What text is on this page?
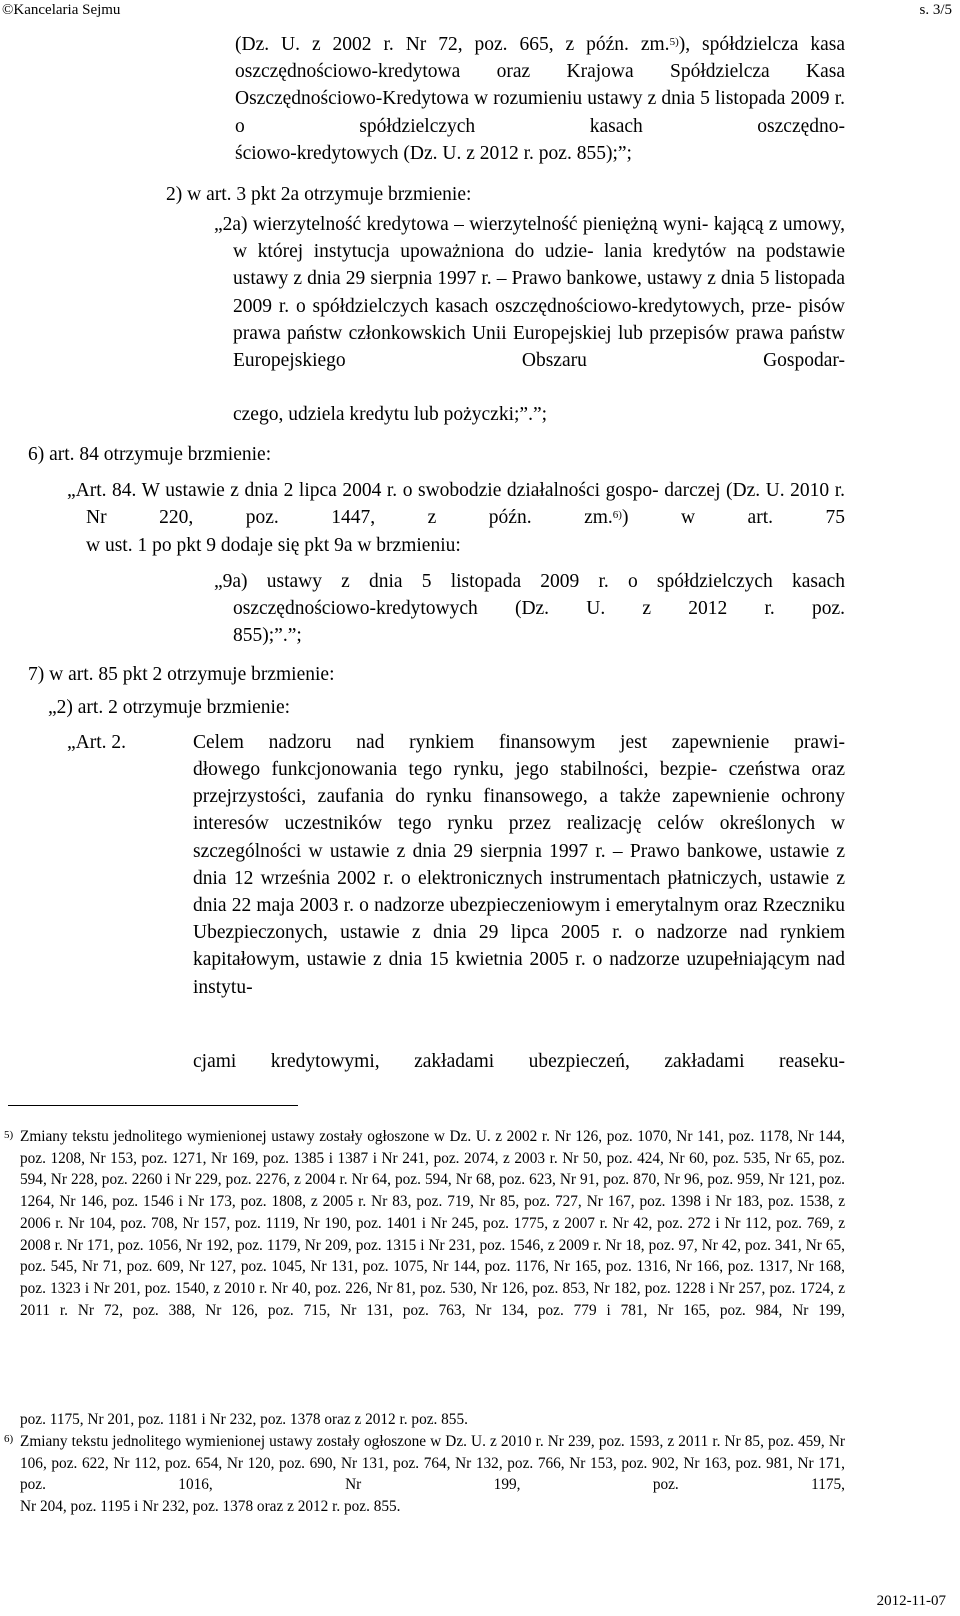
©Kancelaria Sejmu	s. 3/5

(Dz. U. z 2002 r. Nr 72, poz. 665, z późn. zm.$^{5)}$), spółdzielcza kasa oszczędnościowo-kredytowa oraz Krajowa Spółdzielcza Kasa Oszczędnościowo-Kredytowa w rozumieniu ustawy z dnia 5 listopada 2009 r. o spółdzielczych kasach oszczędno-

ściowo-kredytowych (Dz. U. z 2012 r. poz. 855);”;

2) w art. 3 pkt 2a otrzymuje brzmienie:

„2a) wierzytelność kredytowa – wierzytelność pieniężną wyni- kającą z umowy, w której instytucja upoważniona do udzie- lania kredytów na podstawie ustawy z dnia 29 sierpnia 1997 r. – Prawo bankowe, ustawy z dnia 5 listopada 2009 r. o spółdzielczych kasach oszczędnościowo-kredytowych, prze- pisów prawa państw członkowskich Unii Europejskiej lub przepisów prawa państw Europejskiego Obszaru Gospodar-

czego, udziela kredytu lub pożyczki;”.”;

6) art. 84 otrzymuje brzmienie:

„Art. 84. W ustawie z dnia 2 lipca 2004 r. o swobodzie działalności gospo- darczej (Dz. U. 2010 r. Nr 220, poz. 1447, z późn. zm.$^{6)}$) w art. 75

w ust. 1 po pkt 9 dodaje się pkt 9a w brzmieniu:

„9a) ustawy z dnia 5 listopada 2009 r. o spółdzielczych kasach oszczędnościowo-kredytowych (Dz. U. z 2012 r. poz.

855);”.”;

7) w art. 85 pkt 2 otrzymuje brzmienie:

„2) art. 2 otrzymuje brzmienie:

„Art. 2.	Celem nadzoru nad rynkiem finansowym jest zapewnienie prawi-

dłowego funkcjonowania tego rynku, jego stabilności, bezpie- czeństwa oraz przejrzystości, zaufania do rynku finansowego, a także zapewnienie ochrony interesów uczestników tego rynku przez realizację celów określonych w szczególności w ustawie z dnia 29 sierpnia 1997 r. – Prawo bankowe, ustawie z dnia 12 września 2002 r. o elektronicznych instrumentach płatniczych, ustawie z dnia 22 maja 2003 r. o nadzorze ubezpieczeniowym i emerytalnym oraz Rzeczniku Ubezpieczonych, ustawie z dnia 29 lipca 2005 r. o nadzorze nad rynkiem kapitałowym, ustawie z dnia 15 kwietnia 2005 r. o nadzorze uzupełniającym nad instytu-

cjami kredytowymi, zakładami ubezpieczeń, zakładami reaseku-

5) Zmiany tekstu jednolitego wymienionej ustawy zostały ogłoszone w Dz. U. z 2002 r. Nr 126, poz. 1070, Nr 141, poz. 1178, Nr 144, poz. 1208, Nr 153, poz. 1271, Nr 169, poz. 1385 i 1387 i Nr 241, poz. 2074, z 2003 r. Nr 50, poz. 424, Nr 60, poz. 535, Nr 65, poz. 594, Nr 228, poz. 2260 i Nr 229, poz. 2276, z 2004 r. Nr 64, poz. 594, Nr 68, poz. 623, Nr 91, poz. 870, Nr 96, poz. 959, Nr 121, poz. 1264, Nr 146, poz. 1546 i Nr 173, poz. 1808, z 2005 r. Nr 83, poz. 719, Nr 85, poz. 727, Nr 167, poz. 1398 i Nr 183, poz. 1538, z 2006 r. Nr 104, poz. 708, Nr 157, poz. 1119, Nr 190, poz. 1401 i Nr 245, poz. 1775, z 2007 r. Nr 42, poz. 272 i Nr 112, poz. 769, z 2008 r. Nr 171, poz. 1056, Nr 192, poz. 1179, Nr 209, poz. 1315 i Nr 231, poz. 1546, z 2009 r. Nr 18, poz. 97, Nr 42, poz. 341, Nr 65, poz. 545, Nr 71, poz. 609, Nr 127, poz. 1045, Nr 131, poz. 1075, Nr 144, poz. 1176, Nr 165, poz. 1316, Nr 166, poz. 1317, Nr 168, poz. 1323 i Nr 201, poz. 1540, z 2010 r. Nr 40, poz. 226, Nr 81, poz. 530, Nr 126, poz. 853, Nr 182, poz. 1228 i Nr 257, poz. 1724, z 2011 r. Nr 72, poz. 388, Nr 126, poz. 715, Nr 131, poz. 763, Nr 134, poz. 779 i 781, Nr 165, poz. 984, Nr 199,

poz. 1175, Nr 201, poz. 1181 i Nr 232, poz. 1378 oraz z 2012 r. poz. 855.

6) Zmiany tekstu jednolitego wymienionej ustawy zostały ogłoszone w Dz. U. z 2010 r. Nr 239, poz. 1593, z 2011 r. Nr 85, poz. 459, Nr 106, poz. 622, Nr 112, poz. 654, Nr 120, poz. 690, Nr 131, poz. 764, Nr 132, poz. 766, Nr 153, poz. 902, Nr 163, poz. 981, Nr 171, poz. 1016, Nr 199, poz. 1175,

Nr 204, poz. 1195 i Nr 232, poz. 1378 oraz z 2012 r. poz. 855.

2012-11-07
